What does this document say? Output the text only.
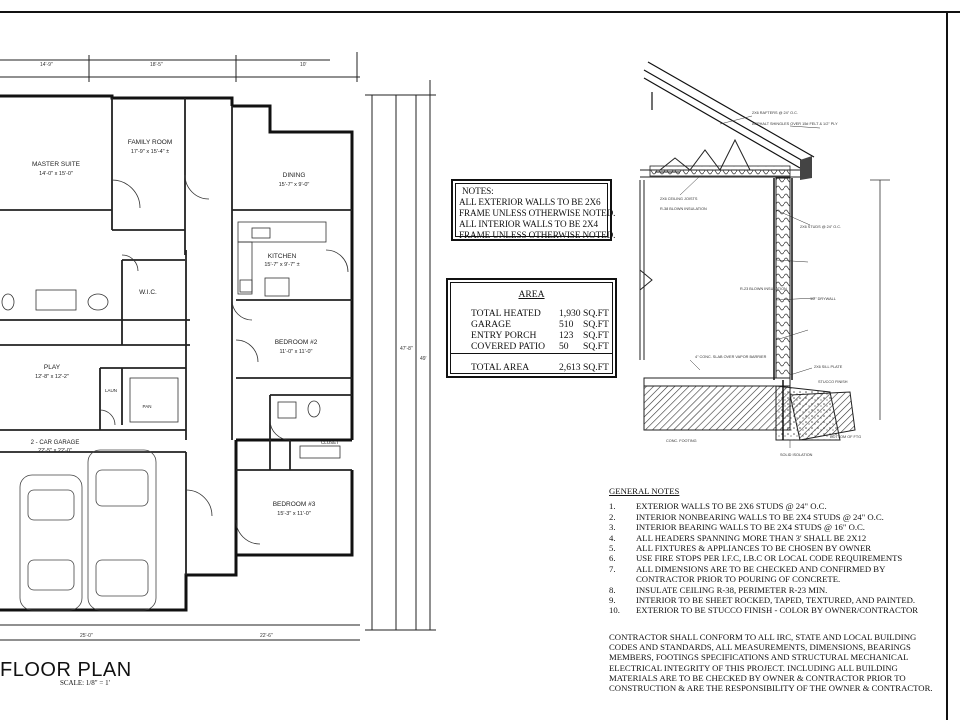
14'-9"	18'-5"	10'
25'-0"	22'-6"
47'-8"
49'
FAMILY ROOM
17'-9" x 15'-4" ±
MASTER SUITE
14'-0" x 15'-0"	DINING
15'-7" x 9'-0"
KITCHEN
15'-7" x 9'-7" ±
W.I.C.
BEDROOM #2
11'-0" x 11'-0"
PLAY
12'-8" x 12'-2"
2 - CAR GARAGE
22'-5" x 22'-0"
BEDROOM #3
15'-3" x 11'-0"
CLOSET
LAUN
PAN
NOTES:
ALL EXTERIOR WALLS TO BE 2X6
FRAME UNLESS OTHERWISE NOTED.
ALL INTERIOR WALLS TO BE 2X4
FRAME UNLESS OTHERWISE NOTED.
AREA
TOTAL HEATED 1,930 SQ.FT
GARAGE	510 SQ.FT
ENTRY PORCH 123 SQ.FT
COVERED PATIO 50 SQ.FT
TOTAL AREA	2,613 SQ.FT
2X6 RAFTERS @ 24" O.C.
ASPHALT SHINGLES OVER 15# FELT & 1/2" PLY
2X6 CEILING JOISTS
R-38 BLOWN INSULATION
2X6 STUDS @ 24" O.C.
R-23 BLOWN INSULATION
1/2" DRYWALL
4" CONC. SLAB OVER VAPOR BARRIER
2X6 SILL PLATE
STUCCO FINISH
CONC. FOOTING
SOLID ISOLATION
BOTTOM OF FTG
GENERAL NOTES
1. EXTERIOR WALLS TO BE 2X6 STUDS @ 24" O.C.
2. INTERIOR NONBEARING WALLS TO BE 2X4 STUDS @ 24" O.C.
3. INTERIOR BEARING WALLS TO BE 2X4 STUDS @ 16" O.C.
4. ALL HEADERS SPANNING MORE THAN 3' SHALL BE 2X12
5. ALL FIXTURES & APPLIANCES TO BE CHOSEN BY OWNER
6. USE FIRE STOPS PER I.F.C, I.B.C OR LOCAL CODE REQUIREMENTS
7. ALL DIMENSIONS ARE TO BE CHECKED AND CONFIRMED BY CONTRACTOR PRIOR TO POURING OF CONCRETE.
8. INSULATE CEILING R-38, PERIMETER R-23 MIN.
9. INTERIOR TO BE SHEET ROCKED, TAPED, TEXTURED, AND PAINTED.
10. EXTERIOR TO BE STUCCO FINISH - COLOR BY OWNER/CONTRACTOR
CONTRACTOR SHALL CONFORM TO ALL IRC, STATE AND LOCAL BUILDING CODES AND STANDARDS, ALL MEASUREMENTS, DIMENSIONS, BEARINGS MEMBERS, FOOTINGS SPECIFICATIONS AND STRUCTURAL MECHANICAL ELECTRICAL INTEGRITY OF THIS PROJECT. INCLUDING ALL BUILDING MATERIALS ARE TO BE CHECKED BY OWNER & CONTRACTOR PRIOR TO CONSTRUCTION & ARE THE RESPONSIBILITY OF THE OWNER & CONTRACTOR.
FLOOR PLAN
SCALE: 1/8" = 1'
